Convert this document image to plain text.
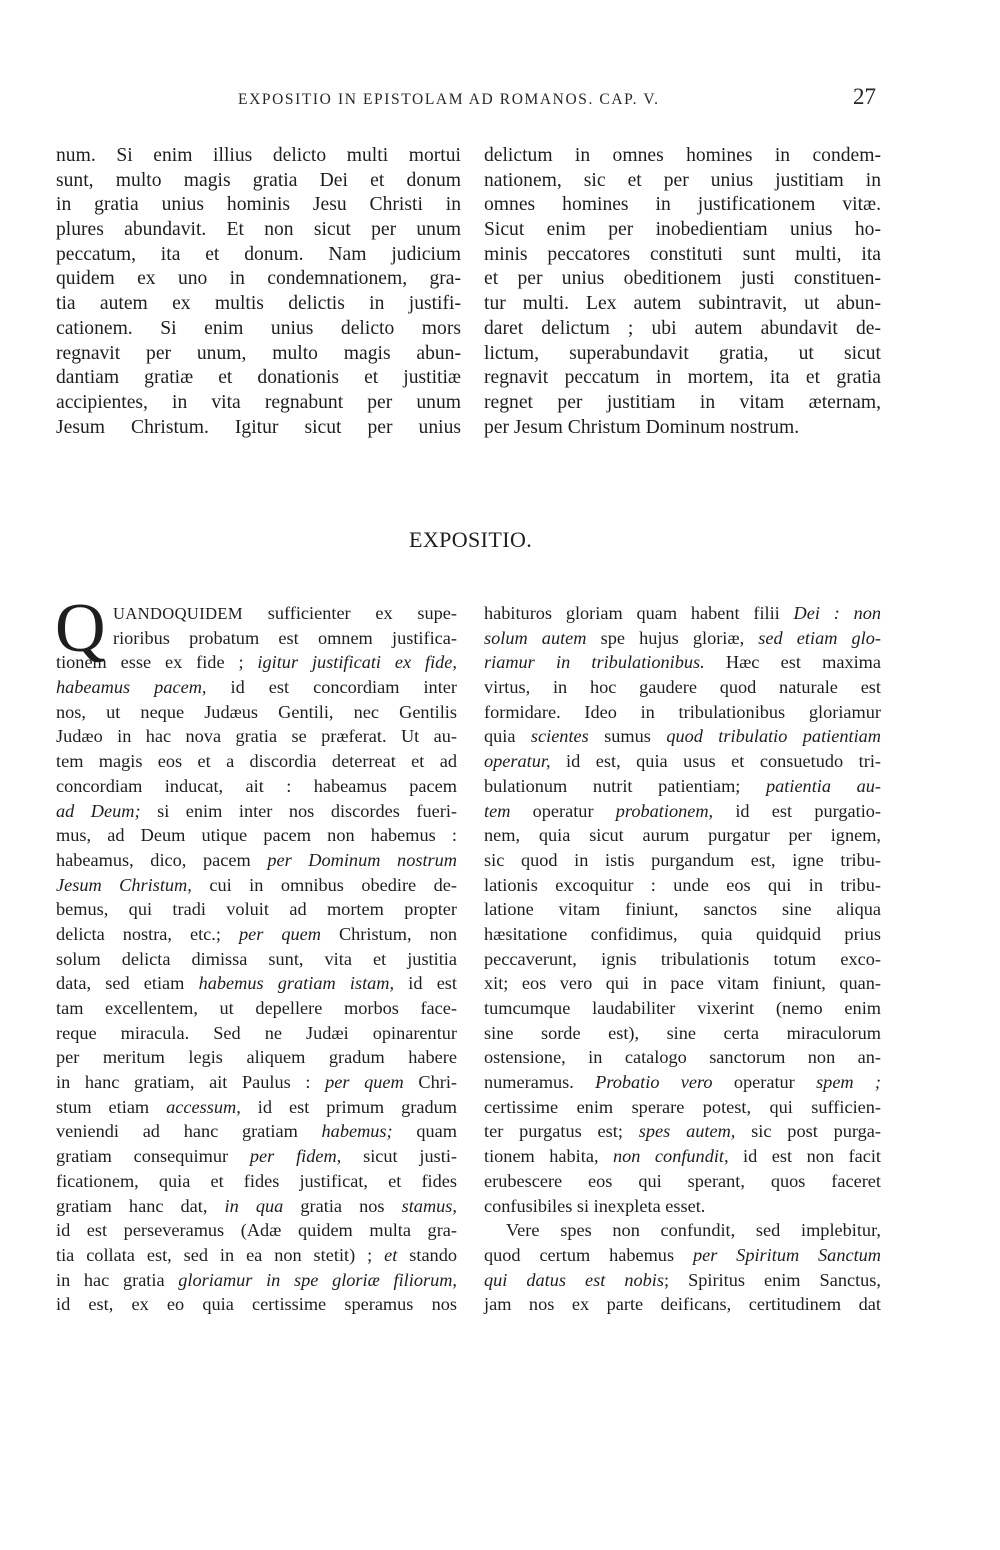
EXPOSITIO IN EPISTOLAM AD ROMANOS. CAP. V.	27
num. Si enim illius delicto multi mortui
sunt, multo magis gratia Dei et donum
in gratia unius hominis Jesu Christi in
plures abundavit. Et non sicut per unum
peccatum, ita et donum. Nam judicium
quidem ex uno in condemnationem, gra-
tia autem ex multis delictis in justifi-
cationem. Si enim unius delicto mors
regnavit per unum, multo magis abun-
dantiam gratiæ et donationis et justitiæ
accipientes, in vita regnabunt per unum
Jesum Christum. Igitur sicut per unius
delictum in omnes homines in condem-
nationem, sic et per unius justitiam in
omnes homines in justificationem vitæ.
Sicut enim per inobedientiam unius ho-
minis peccatores constituti sunt multi, ita
et per unius obeditionem justi constituen-
tur multi. Lex autem subintravit, ut abun-
daret delictum ; ubi autem abundavit de-
lictum, superabundavit gratia, ut sicut
regnavit peccatum in mortem, ita et gratia
regnet per justitiam in vitam æternam,
per Jesum Christum Dominum nostrum.
EXPOSITIO.
Q UANDOQUIDEM sufficienter ex supe-
rioribus probatum est omnem justifica-
tionem esse ex fide ; igitur justificati ex fide,
habeamus pacem, id est concordiam inter
nos, ut neque Judæus Gentili, nec Gentilis
Judæo in hac nova gratia se præferat. Ut au-
tem magis eos et a discordia deterreat et ad
concordiam inducat, ait : habeamus pacem
ad Deum; si enim inter nos discordes fueri-
mus, ad Deum utique pacem non habemus :
habeamus, dico, pacem per Dominum nostrum
Jesum Christum, cui in omnibus obedire de-
bemus, qui tradi voluit ad mortem propter
delicta nostra, etc.; per quem Christum, non
solum delicta dimissa sunt, vita et justitia
data, sed etiam habemus gratiam istam, id est
tam excellentem, ut depellere morbos face-
reque miracula. Sed ne Judæi opinarentur
per meritum legis aliquem gradum habere
in hanc gratiam, ait Paulus : per quem Chri-
stum etiam accessum, id est primum gradum
veniendi ad hanc gratiam habemus; quam
gratiam consequimur per fidem, sicut justi-
ficationem, quia et fides justificat, et fides
gratiam hanc dat, in qua gratia nos stamus,
id est perseveramus (Adæ quidem multa gra-
tia collata est, sed in ea non stetit) ; et stando
in hac gratia gloriamur in spe gloriæ filiorum,
id est, ex eo quia certissime speramus nos
habituros gloriam quam habent filii Dei : non
solum autem spe hujus gloriæ, sed etiam glo-
riamur in tribulationibus. Hæc est maxima
virtus, in hoc gaudere quod naturale est
formidare. Ideo in tribulationibus gloriamur
quia scientes sumus quod tribulatio patientiam
operatur, id est, quia usus et consuetudo tri-
bulationum nutrit patientiam; patientia au-
tem operatur probationem, id est purgatio-
nem, quia sicut aurum purgatur per ignem,
sic quod in istis purgandum est, igne tribu-
lationis excoquitur : unde eos qui in tribu-
latione vitam finiunt, sanctos sine aliqua
hæsitatione confidimus, quia quidquid prius
peccaverunt, ignis tribulationis totum exco-
xit; eos vero qui in pace vitam finiunt, quan-
tumcumque laudabiliter vixerint (nemo enim
sine sorde est), sine certa miraculorum
ostensione, in catalogo sanctorum non an-
numeramus. Probatio vero operatur spem ;
certissime enim sperare potest, qui sufficien-
ter purgatus est; spes autem, sic post purga-
tionem habita, non confundit, id est non facit
erubescere eos qui sperant, quos faceret
confusibiles si inexpleta esset.
Vere spes non confundit, sed implebitur,
quod certum habemus per Spiritum Sanctum
qui datus est nobis; Spiritus enim Sanctus,
jam nos ex parte deificans, certitudinem dat
